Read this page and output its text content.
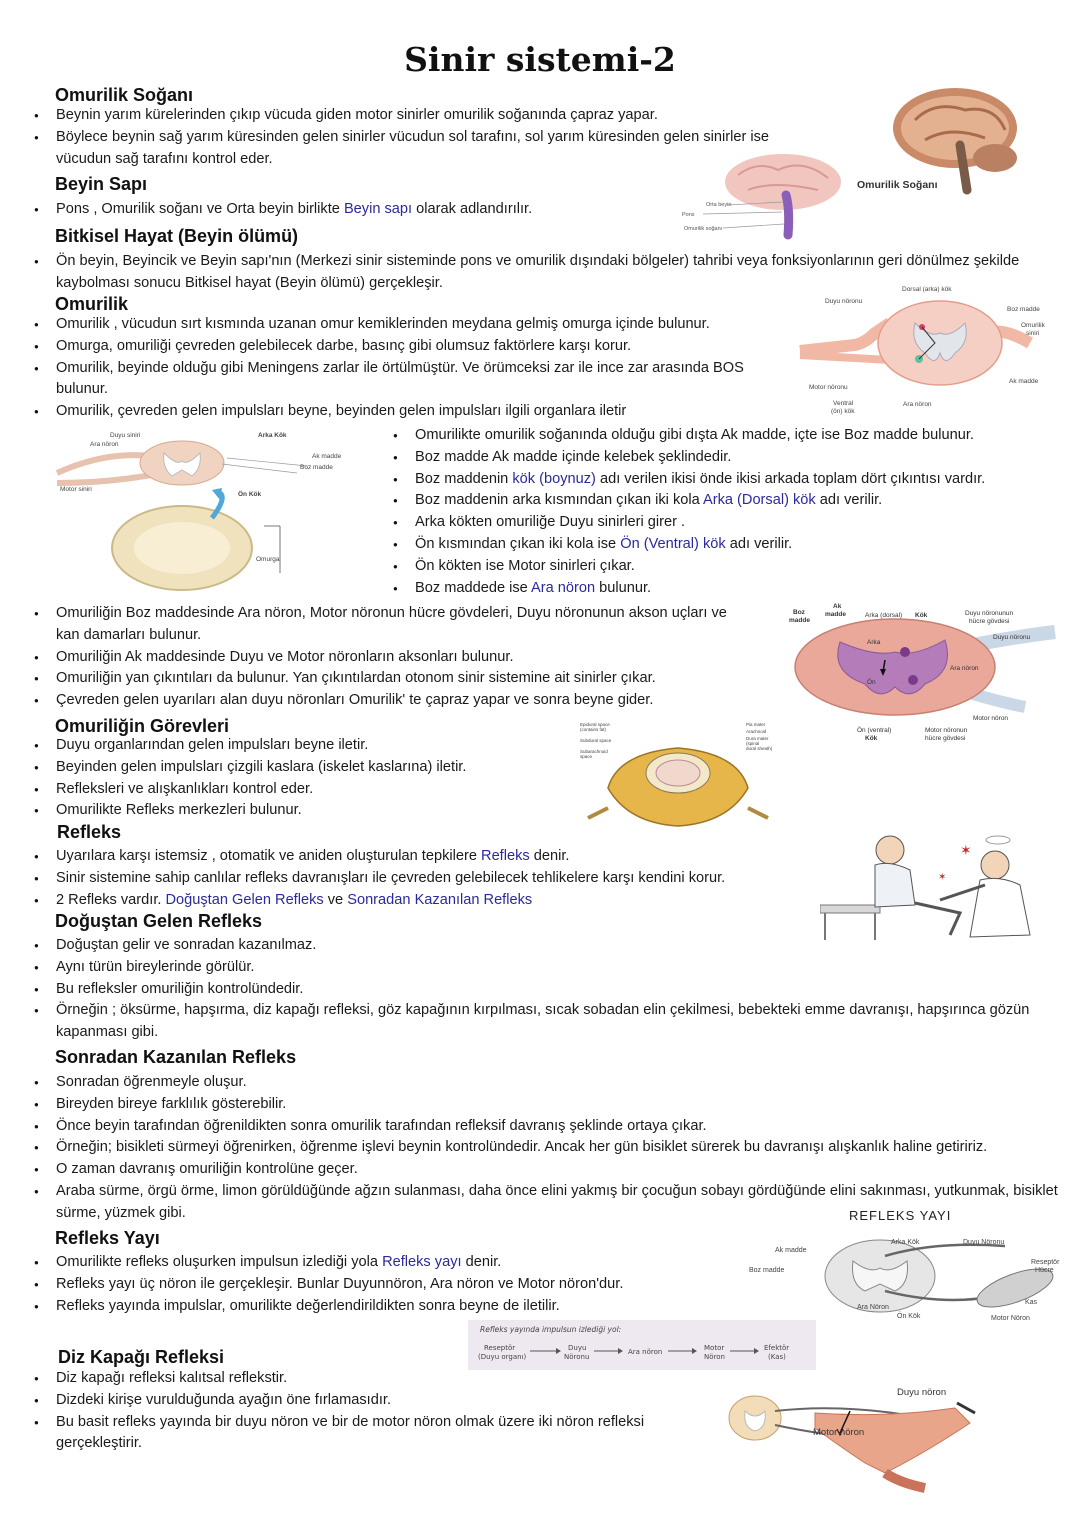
Sinir sistemi-2
Omurilik Soğanı
● Beynin yarım kürelerinden çıkıp vücuda giden motor sinirler omurilik soğanında çapraz yapar.
● Böylece beynin sağ yarım küresinden gelen sinirler vücudun sol tarafını, sol yarım küresinden gelen sinirler ise vücudun sağ tarafını kontrol eder.
Beyin Sapı
● Pons , Omurilik soğanı ve Orta beyin birlikte Beyin sapı olarak adlandırılır.
Bitkisel Hayat (Beyin ölümü)
● Ön beyin, Beyincik ve Beyin sapı'nın (Merkezi sinir sisteminde pons ve omurilik dışındaki bölgeler) tahribi veya fonksiyonlarının geri dönülmez şekilde kaybolması sonucu Bitkisel hayat (Beyin ölümü) gerçekleşir.
Omurilik
● Omurilik , vücudun sırt kısmında uzanan omur kemiklerinden meydana gelmiş omurga içinde bulunur.
● Omurga, omuriliği çevreden gelebilecek darbe, basınç gibi olumsuz faktörlere karşı korur.
● Omurilik, beyinde olduğu gibi Meningens zarlar ile örtülmüştür. Ve örümceksi zar ile ince zar arasında BOS bulunur.
● Omurilik, çevreden gelen impulsları beyne, beyinden gelen impulsları ilgili organlara iletir
● Omurilikte omurilik soğanında olduğu gibi dışta Ak madde, içte ise Boz madde bulunur.
● Boz madde Ak madde içinde kelebek şeklindedir.
● Boz maddenin kök (boynuz) adı verilen ikisi önde ikisi arkada toplam dört çıkıntısı vardır.
● Boz maddenin arka kısmından çıkan iki kola Arka (Dorsal) kök adı verilir.
● Arka kökten omuriliğe Duyu sinirleri girer .
● Ön kısmından çıkan iki kola ise Ön (Ventral) kök adı verilir.
● Ön kökten ise Motor sinirleri çıkar.
● Boz maddede ise Ara nöron bulunur.
● Omuriliğin Boz maddesinde Ara nöron, Motor nöronun hücre gövdeleri, Duyu nöronunun akson uçları ve kan damarları bulunur.
● Omuriliğin Ak maddesinde Duyu ve Motor nöronların aksonları bulunur.
● Omuriliğin yan çıkıntıları da bulunur. Yan çıkıntılardan otonom sinir sistemine ait sinirler çıkar.
● Çevreden gelen uyarıları alan duyu nöronları Omurilik' te çapraz yapar ve sonra beyne gider.
Omuriliğin Görevleri
● Duyu organlarından gelen impulsları beyne iletir.
● Beyinden gelen impulsları çizgili kaslara (iskelet kaslarına) iletir.
● Refleksleri ve alışkanlıkları kontrol eder.
● Omurilikte Refleks merkezleri bulunur.
Refleks
● Uyarılara karşı istemsiz , otomatik ve aniden oluşturulan tepkilere Refleks denir.
● Sinir sistemine sahip canlılar refleks davranışları ile çevreden gelebilecek tehlikelere karşı kendini korur.
● 2 Refleks vardır. Doğuştan Gelen Refleks ve Sonradan Kazanılan Refleks
Doğuştan Gelen Refleks
● Doğuştan gelir ve sonradan kazanılmaz.
● Aynı türün bireylerinde görülür.
● Bu refleksler omuriliğin kontrolündedir.
● Örneğin ; öksürme, hapşırma, diz kapağı refleksi, göz kapağının kırpılması, sıcak sobadan elin çekilmesi, bebekteki emme davranışı, hapşırıncа gözün kapanması gibi.
Sonradan Kazanılan Refleks
● Sonradan öğrenmeyle oluşur.
● Bireyden bireye farklılık gösterebilir.
● Önce beyin tarafından öğrenildikten sonra omurilik tarafından refleksif davranış şeklinde ortaya çıkar.
● Örneğin; bisikleti sürmeyi öğrenirken, öğrenme işlevi beynin kontrolündedir. Ancak her gün bisiklet sürerek bu davranışı alışkanlık haline getiririz.
● O zaman davranış omuriliğin kontrolüne geçer.
● Araba sürme, örgü örme, limon görüldüğünde ağzın sulanması, daha önce elini yakmış bir çocuğun sobayı gördüğünde elini sakınması, yutkunmak, bisiklet sürme, yüzmek gibi.
Refleks Yayı
● Omurilikte refleks oluşurken impulsun izlediği yola Refleks yayı denir.
● Refleks yayı üç nöron ile gerçekleşir. Bunlar Duyunnöron, Ara nöron ve Motor nöron'dur.
● Refleks yayında impulslar, omurilikte değerlendirildikten sonra beyne de iletilir.
Diz Kapağı Refleksi
● Diz kapağı refleksi kalıtsal reflekstir.
● Dizdeki kirişe vurulduğunda ayağın öne fırlamasıdır.
● Bu basit refleks yayında bir duyu nöron ve bir de motor nöron olmak üzere iki nöron refleksi gerçekleştirir.
Omurilik Soğanı
Orta beyin
Pons
Omurilik soğanı
Dorsal (arka) kök
Duyu nöronu
Boz madde
Omurilik
siniri
Ak madde
Motor nöronu
Ventral
(ön) kök
Ara nöron
Duyu siniri
Ara nöron
Arka Kök
Ak madde
Boz madde
Motor siniri
Ön Kök
Omurga
Boz
madde
Ak
madde	Arka (dorsal) Kök	Duyu nöronunun
hücre gövdesi
Duyu nöronu
Arka
Ara nöron
Ön
Motor nöron
Ön (ventral)
Kök
Motor nöronun
hücre gövdesi
Epidural space
(contains fat)
Subdural space
Subarachnoid
space
Pia mater
Arachnoid
Dura mater
(spinal
dural sheath)
✶
✶
REFLEKS YAYI
Ak madde
Arka Kök	Duyu Nöronu
Boz madde
Reseptör
Hücre
Kas
Ara Nöron
Ön Kök	Motor Nöron
Refleks yayında impulsun izlediği yol:
Reseptör
(Duyu organı)
Duyu
Nöronu
Ara nöron	Motor
Nöron
Efektör
(Kas)
Duyu nöron
Motor nöron
